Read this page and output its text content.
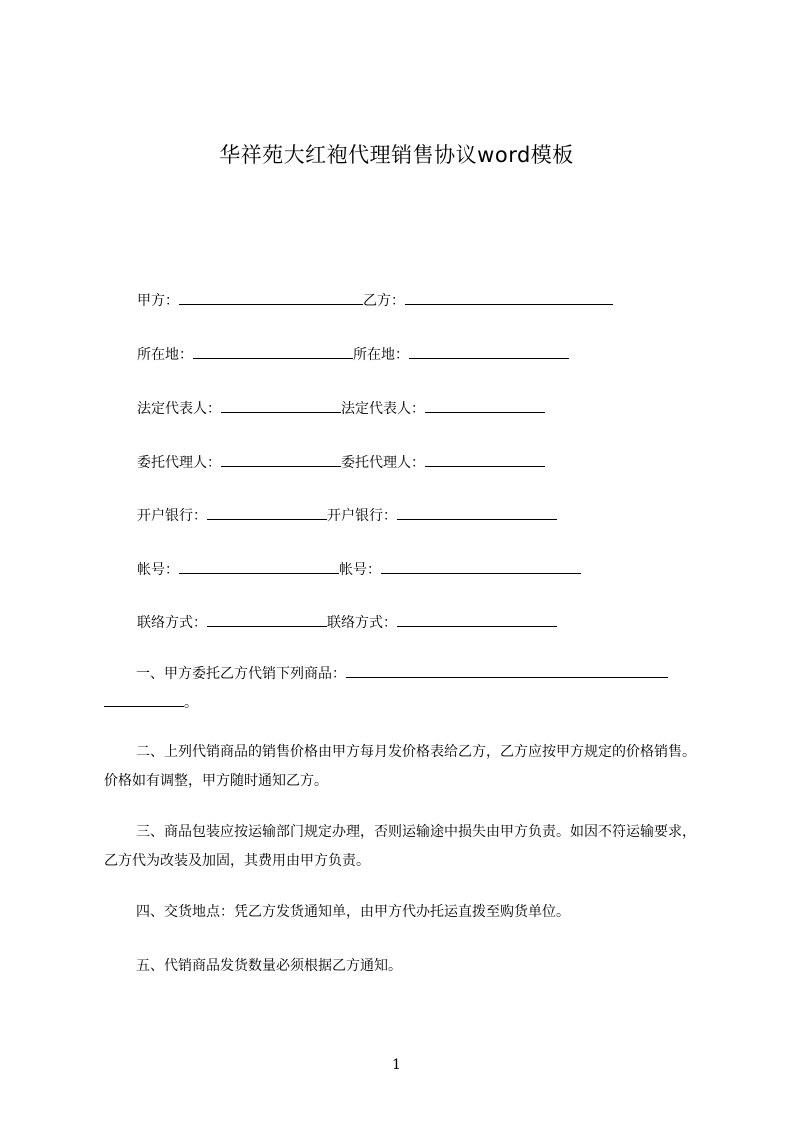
华祥苑大红袍代理销售协议word模板
甲方：	乙方：
所在地：	所在地：
法定代表人：	法定代表人：
委托代理人：	委托代理人：
开户银行：	开户银行：
帐号：	帐号：
联络方式：	联络方式：
一、甲方委托乙方代销下列商品：
。
二、上列代销商品的销售价格由甲方每月发价格表给乙方，乙方应按甲方规定的价格销售。价格如有调整，甲方随时通知乙方。
三、商品包装应按运输部门规定办理，否则运输途中损失由甲方负责。如因不符运输要求，乙方代为改装及加固，其费用由甲方负责。
四、交货地点：凭乙方发货通知单，由甲方代办托运直拨至购货单位。
五、代销商品发货数量必须根据乙方通知。
1
